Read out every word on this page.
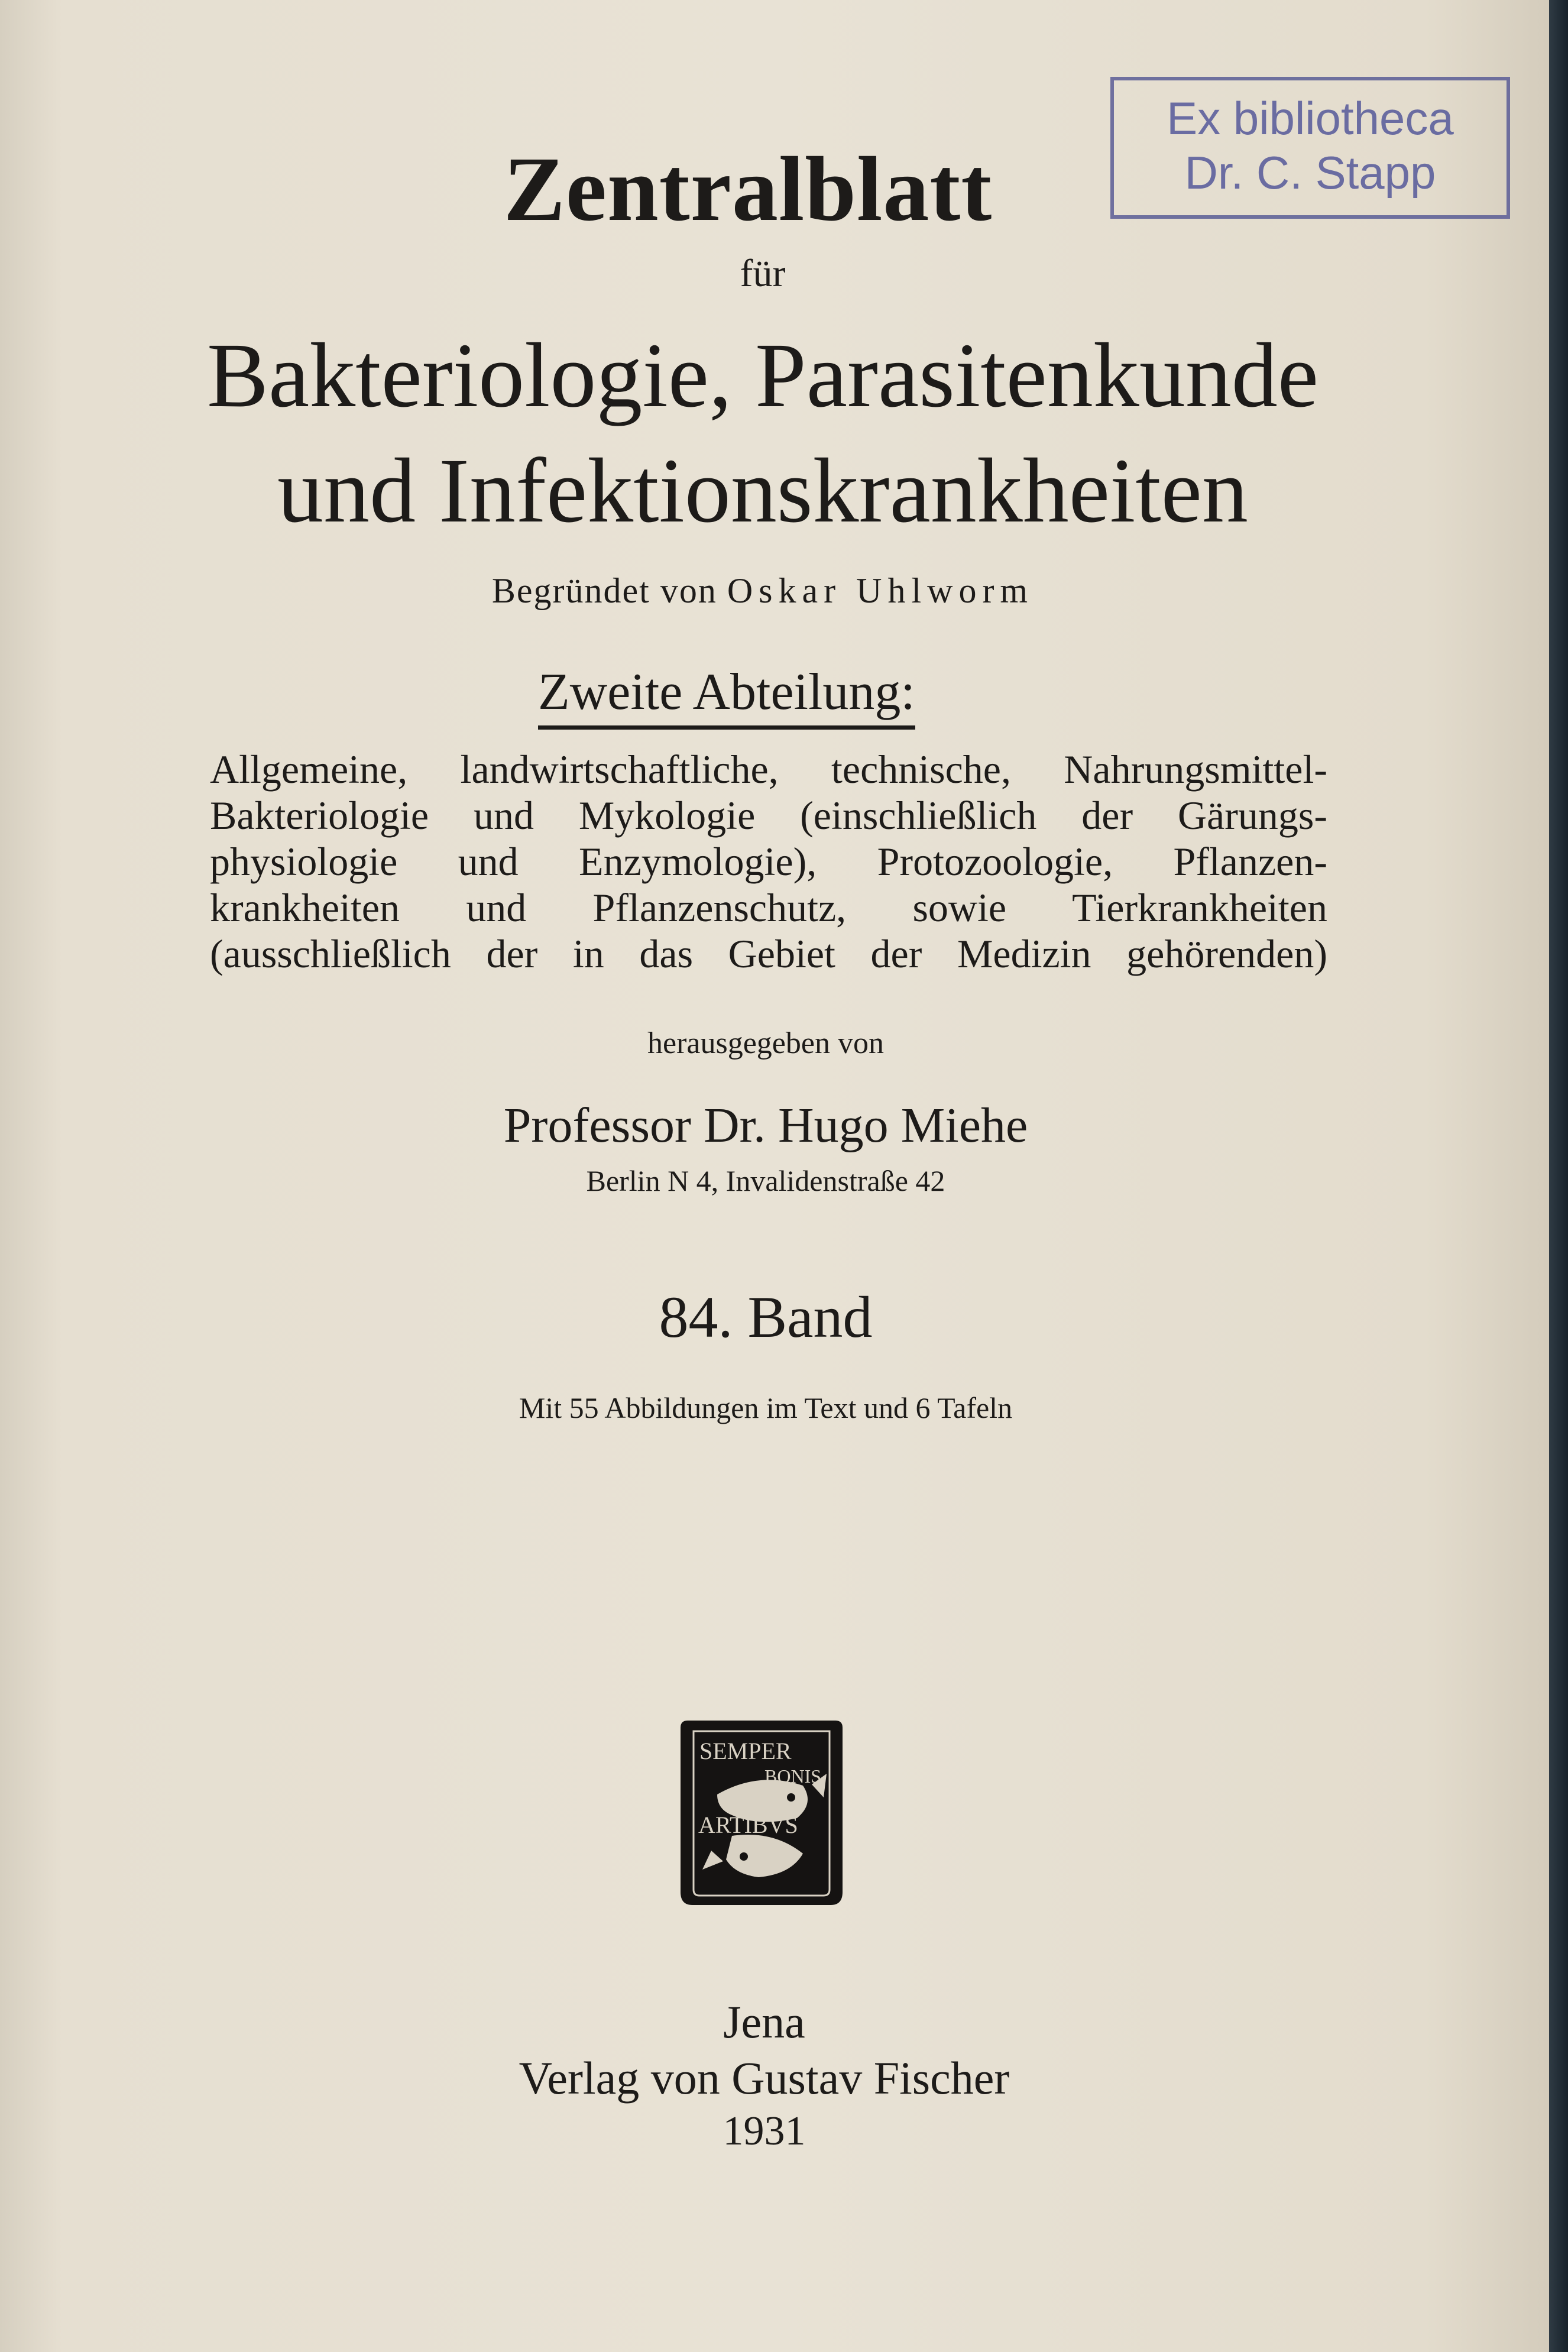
Ex bibliotheca
Dr. C. Stapp
Zentralblatt

für

Bakteriologie, Parasitenkunde

und Infektionskrankheiten

Begründet von Oskar Uhlworm

Zweite Abteilung:
Allgemeine, landwirtschaftliche, technische, Nahrungsmittel-
Bakteriologie und Mykologie (einschließlich der Gärungs-
physiologie und Enzymologie), Protozoologie, Pflanzen-
krankheiten und Pflanzenschutz, sowie Tierkrankheiten
(ausschließlich der in das Gebiet der Medizin gehörenden)

herausgegeben von

Professor Dr. Hugo Miehe

Berlin N 4, Invalidenstraße 42

84. Band

Mit 55 Abbildungen im Text und 6 Tafeln

SEMPER
BONIS
ARTIBVS

Jena

Verlag von Gustav Fischer

1931
